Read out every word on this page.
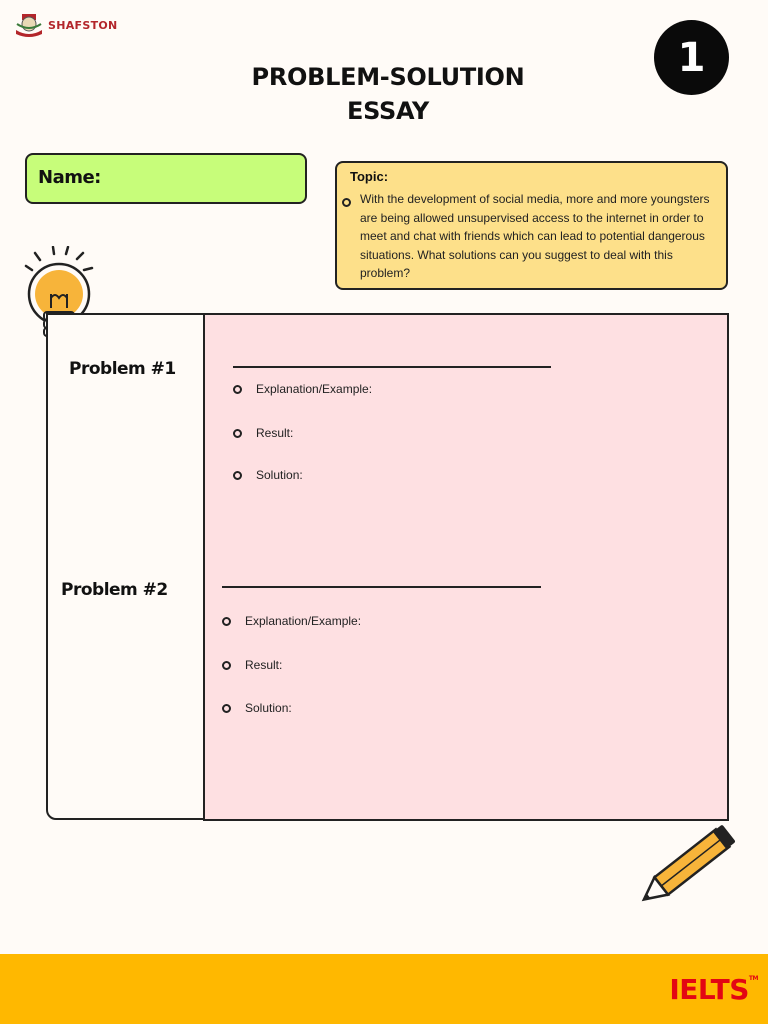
SHAFSTON
PROBLEM-SOLUTION
ESSAY
1
Name:	Topic:
With the development of social media, more and more youngsters are being allowed unsupervised access to the internet in order to meet and chat with friends which can lead to potential dangerous situations. What solutions can you suggest to deal with this problem?
Problem #1
Explanation/Example:
Result:
Solution:
Problem #2
Explanation/Example:
Result:
Solution:
IELTS™
